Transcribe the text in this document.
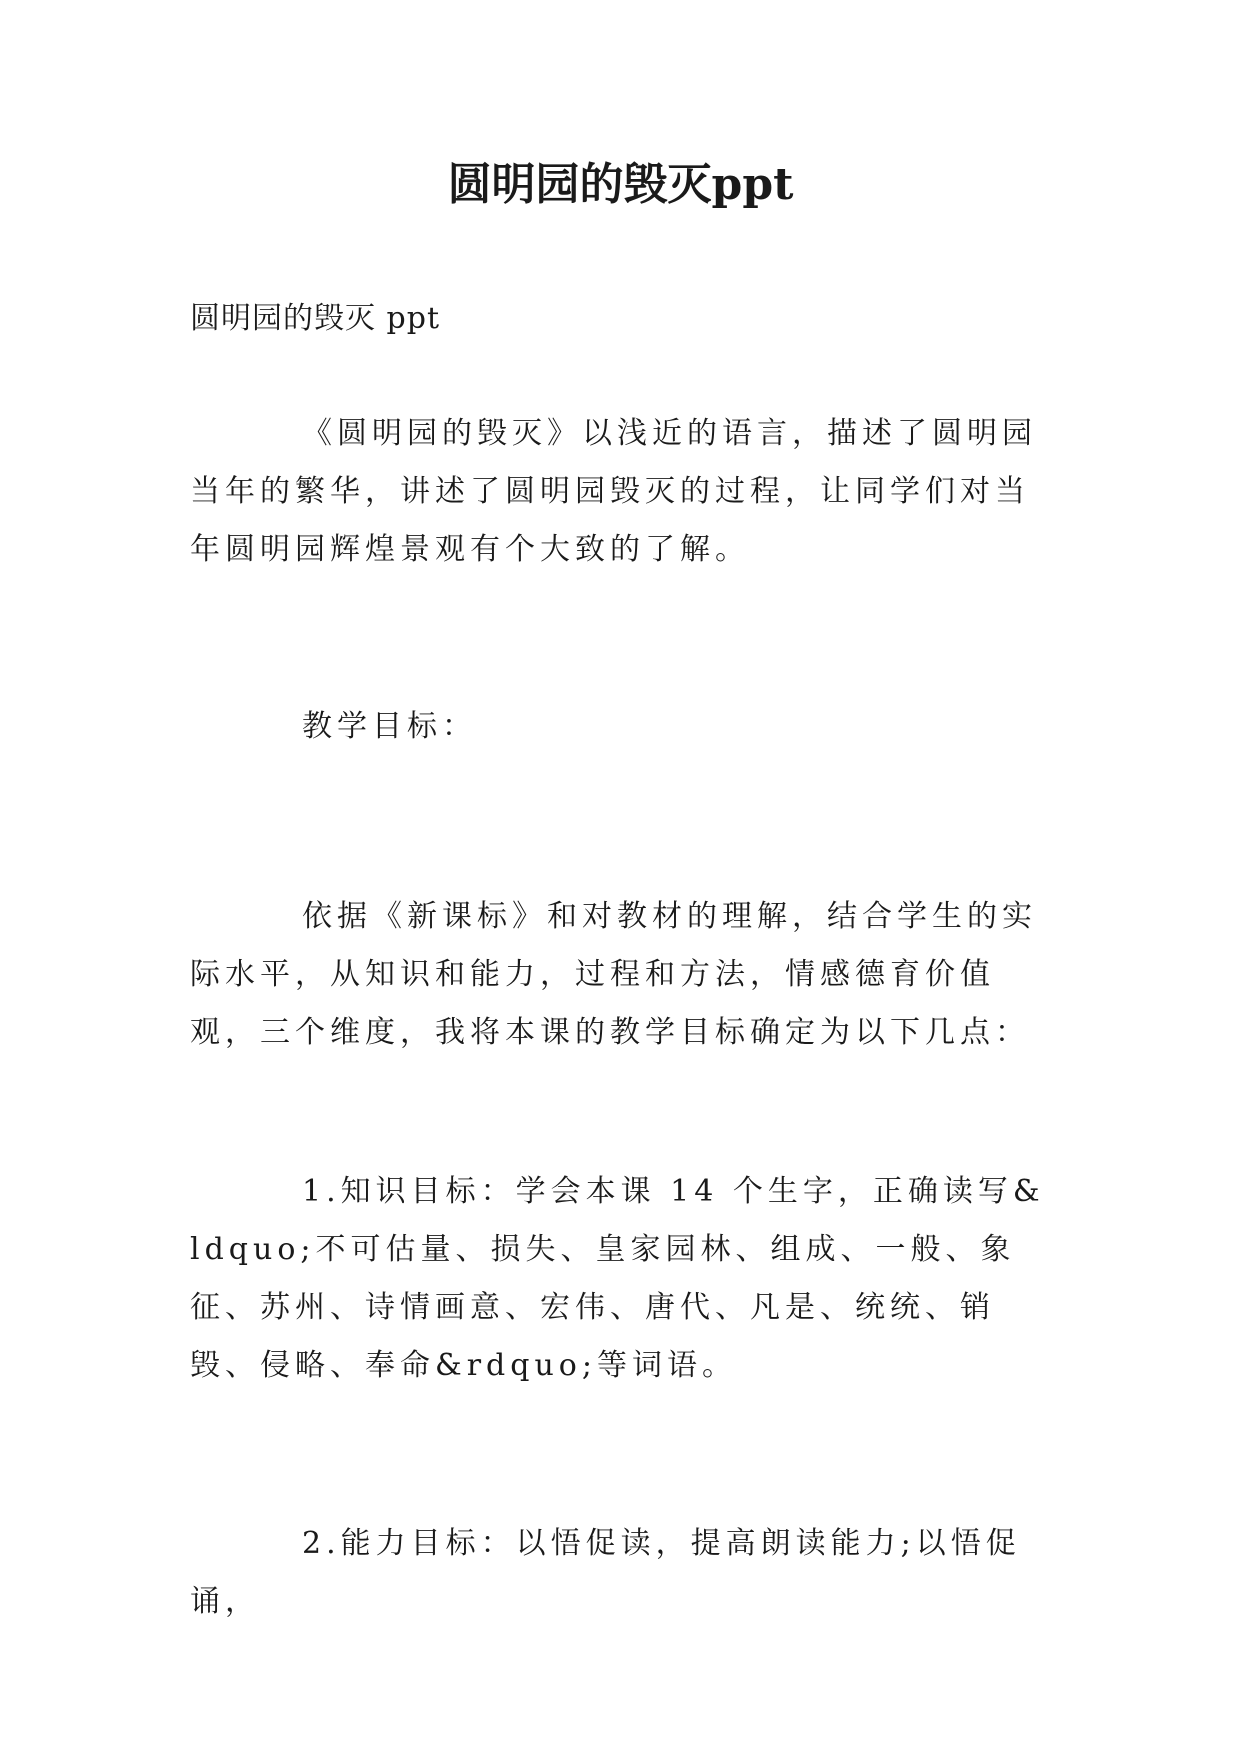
圆明园的毁灭ppt
圆明园的毁灭 ppt
《圆明园的毁灭》以浅近的语言，描述了圆明园当年的繁华，讲述了圆明园毁灭的过程，让同学们对当年圆明园辉煌景观有个大致的了解。
教学目标：
依据《新课标》和对教材的理解，结合学生的实际水平，从知识和能力，过程和方法，情感德育价值观，三个维度，我将本课的教学目标确定为以下几点：
1.知识目标：学会本课 14 个生字，正确读写&ldquo;不可估量、损失、皇家园林、组成、一般、象征、苏州、诗情画意、宏伟、唐代、凡是、统统、销毁、侵略、奉命&rdquo;等词语。
2.能力目标：以悟促读，提高朗读能力;以悟促诵，
